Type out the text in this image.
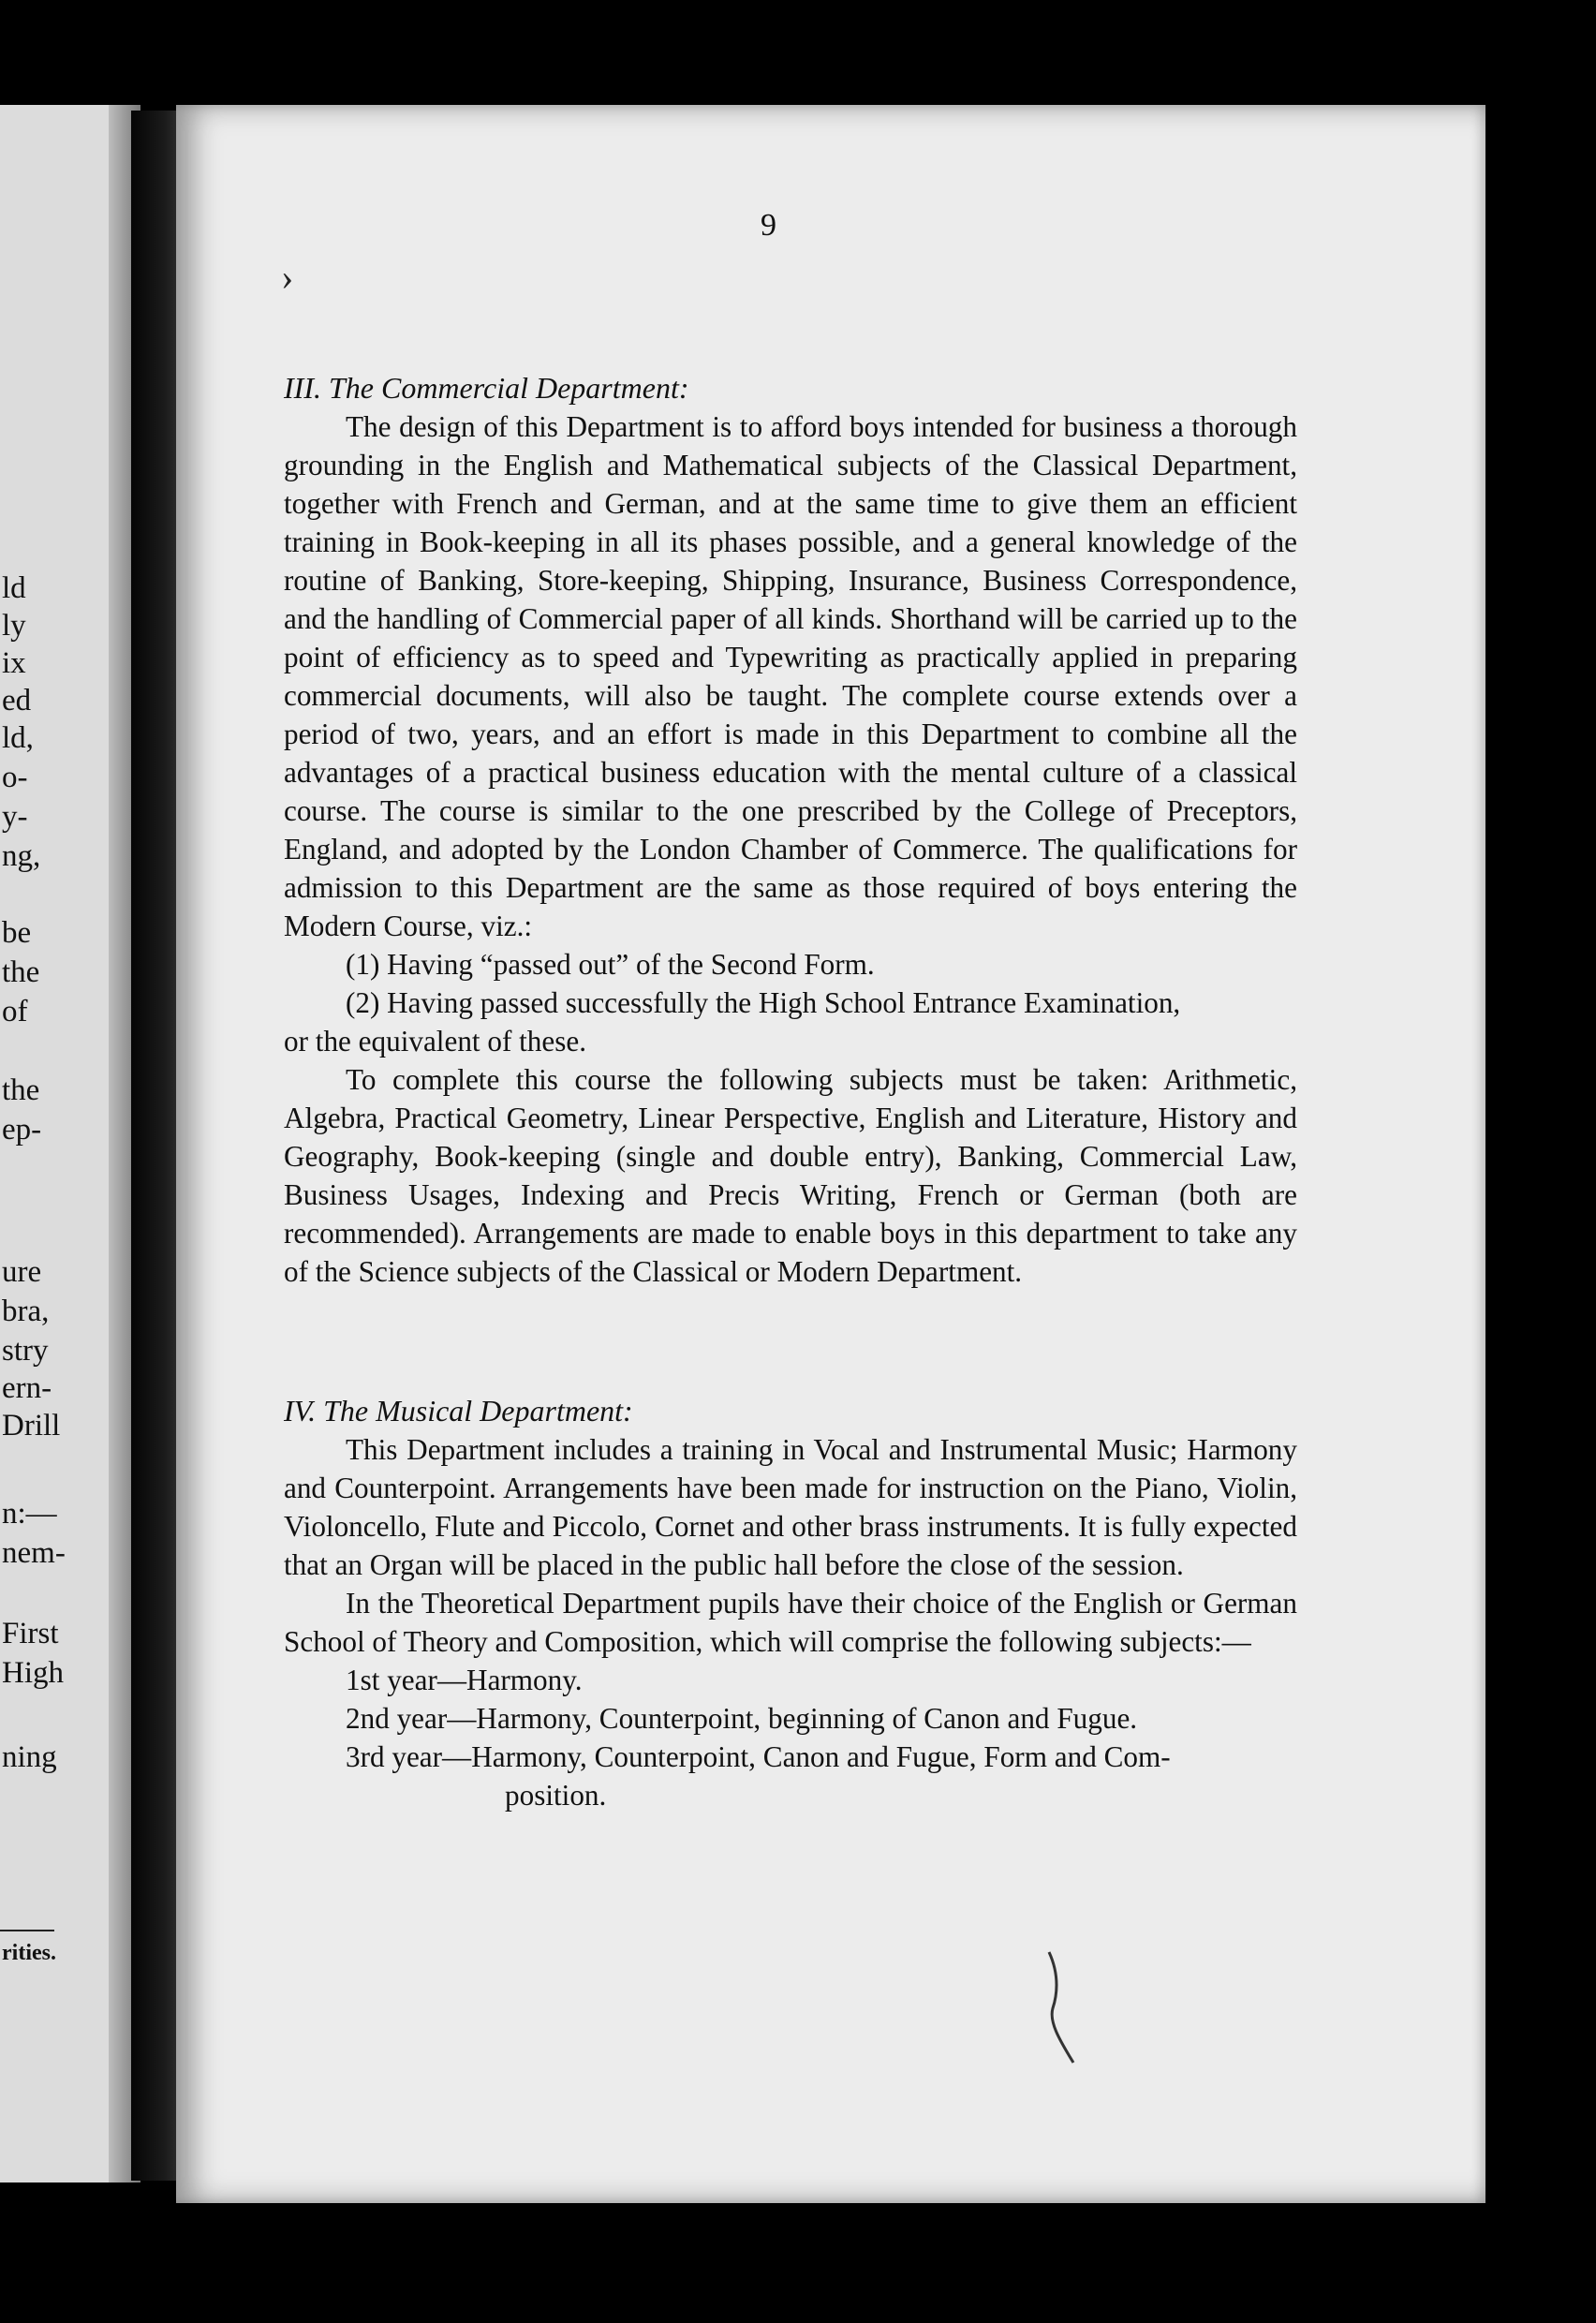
ld
ly
ix
ed
ld,
o-
y-
ng,
be
the
of
the
ep-
ure
bra,
stry
ern-
Drill
n:—
nem-
First
High
ning
rities.
9
›
III. The Commercial Department:

The design of this Department is to afford boys intended for business a thorough grounding in the English and Mathematical subjects of the Classical Department, together with French and German, and at the same time to give them an efficient training in Book-keeping in all its phases possible, and a general knowledge of the routine of Banking, Store-keeping, Shipping, Insurance, Business Correspondence, and the handling of Commercial paper of all kinds. Shorthand will be carried up to the point of efficiency as to speed and Typewriting as practically applied in preparing commercial documents, will also be taught. The complete course extends over a period of two, years, and an effort is made in this Department to combine all the advantages of a practical business education with the mental culture of a classical course. The course is similar to the one prescribed by the College of Preceptors, England, and adopted by the London Chamber of Commerce. The qualifications for admission to this Department are the same as those required of boys entering the Modern Course, viz.:

(1) Having “passed out” of the Second Form.

(2) Having passed successfully the High School Entrance Examination,

or the equivalent of these.

To complete this course the following subjects must be taken: Arithmetic, Algebra, Practical Geometry, Linear Perspective, English and Literature, History and Geography, Book-keeping (single and double entry), Banking, Commercial Law, Business Usages, Indexing and Precis Writing, French or German (both are recommended). Arrangements are made to enable boys in this department to take any of the Science subjects of the Classical or Modern Department.

IV. The Musical Department:

This Department includes a training in Vocal and Instrumental Music; Harmony and Counterpoint. Arrangements have been made for instruction on the Piano, Violin, Violoncello, Flute and Piccolo, Cornet and other brass instruments. It is fully expected that an Organ will be placed in the public hall before the close of the session.

In the Theoretical Department pupils have their choice of the English or German School of Theory and Composition, which will comprise the following subjects:—

1st year—Harmony.

2nd year—Harmony, Counterpoint, beginning of Canon and Fugue.

3rd year—Harmony, Counterpoint, Canon and Fugue, Form and Com-

position.
